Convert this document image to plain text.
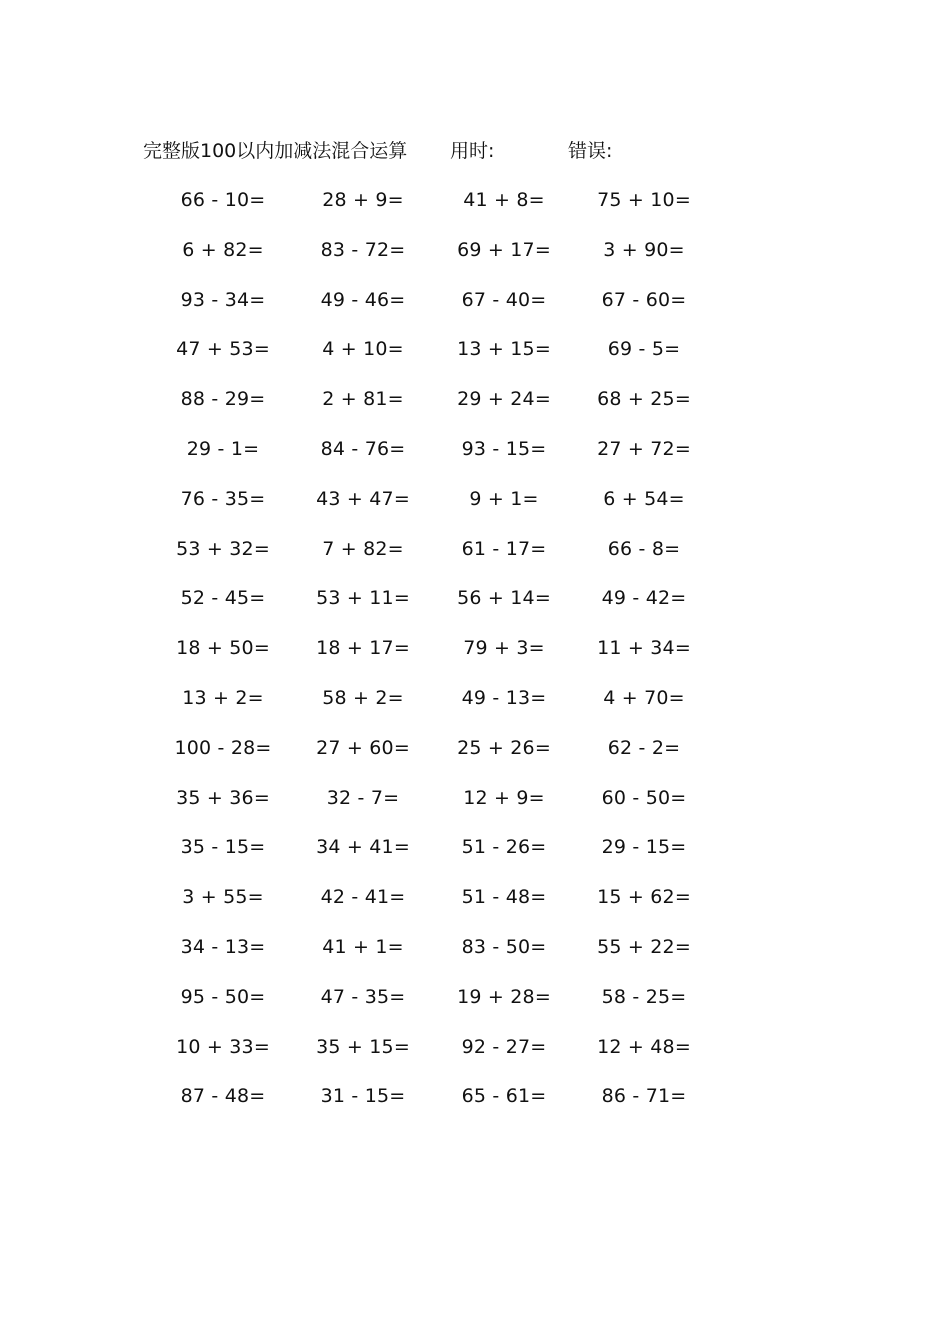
完整版100以内加减法混合运算 用时:	错误:
66 - 10=	28 + 9=	41 + 8=	75 + 10=
6 + 82=	83 - 72=	69 + 17=	3 + 90=
93 - 34=	49 - 46=	67 - 40=	67 - 60=
47 + 53=	4 + 10=	13 + 15=	69 - 5=
88 - 29=	2 + 81=	29 + 24=	68 + 25=
29 - 1=	84 - 76=	93 - 15=	27 + 72=
76 - 35=	43 + 47=	9 + 1=	6 + 54=
53 + 32=	7 + 82=	61 - 17=	66 - 8=
52 - 45=	53 + 11=	56 + 14=	49 - 42=
18 + 50=	18 + 17=	79 + 3=	11 + 34=
13 + 2=	58 + 2=	49 - 13=	4 + 70=
100 - 28=	27 + 60=	25 + 26=	62 - 2=
35 + 36=	32 - 7=	12 + 9=	60 - 50=
35 - 15=	34 + 41=	51 - 26=	29 - 15=
3 + 55=	42 - 41=	51 - 48=	15 + 62=
34 - 13=	41 + 1=	83 - 50=	55 + 22=
95 - 50=	47 - 35=	19 + 28=	58 - 25=
10 + 33=	35 + 15=	92 - 27=	12 + 48=
87 - 48=	31 - 15=	65 - 61=	86 - 71=
